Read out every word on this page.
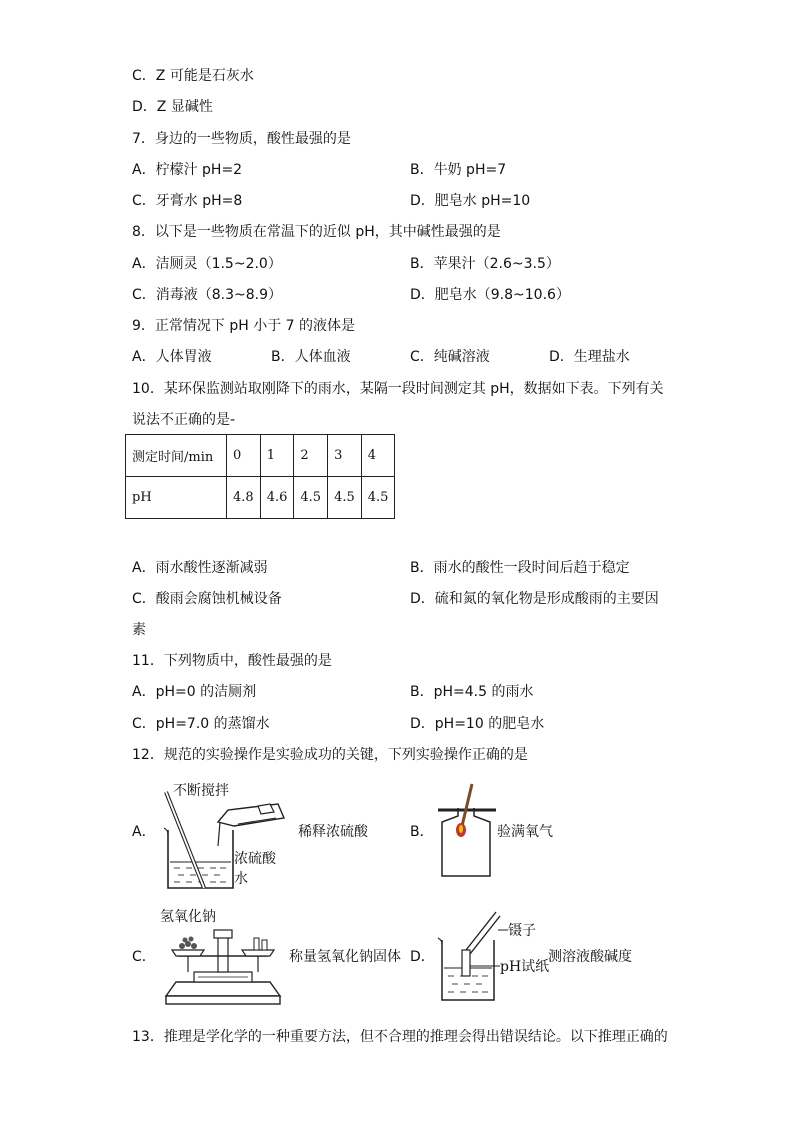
C．Z 可能是石灰水
D．Z 显碱性
7．身边的一些物质，酸性最强的是
A．柠檬汁 pH=2	B．牛奶 pH=7
C．牙膏水 pH=8	D．肥皂水 pH=10
8．以下是一些物质在常温下的近似 pH，其中碱性最强的是
A．洁厕灵（1.5~2.0）	B．苹果汁（2.6~3.5）
C．消毒液（8.3~8.9）	D．肥皂水（9.8~10.6）
9．正常情况下 pH 小于 7 的液体是
A．人体胃液	B．人体血液	C．纯碱溶液	D．生理盐水
10．某环保监测站取刚降下的雨水，某隔一段时间测定其 pH，数据如下表。下列有关
说法不正确的是-
测定时间/min	0	1	2	3	4
pH	4.8	4.6	4.5	4.5	4.5
A．雨水酸性逐渐减弱	B．雨水的酸性一段时间后趋于稳定
C．酸雨会腐蚀机械设备	D．硫和氮的氧化物是形成酸雨的主要因
素
11．下列物质中，酸性最强的是
A．pH=0 的洁厕剂	B．pH=4.5 的雨水
C．pH=7.0 的蒸馏水	D．pH=10 的肥皂水
12．规范的实验操作是实验成功的关键，下列实验操作正确的是
A．
不断搅拌
稀释浓硫酸
浓硫酸
水
B．	验满氧气
C．
氢氧化钠
称量氢氧化钠固体 D．
镊子
测溶液酸碱度
pH试纸
13．推理是学化学的一种重要方法，但不合理的推理会得出错误结论。以下推理正确的
